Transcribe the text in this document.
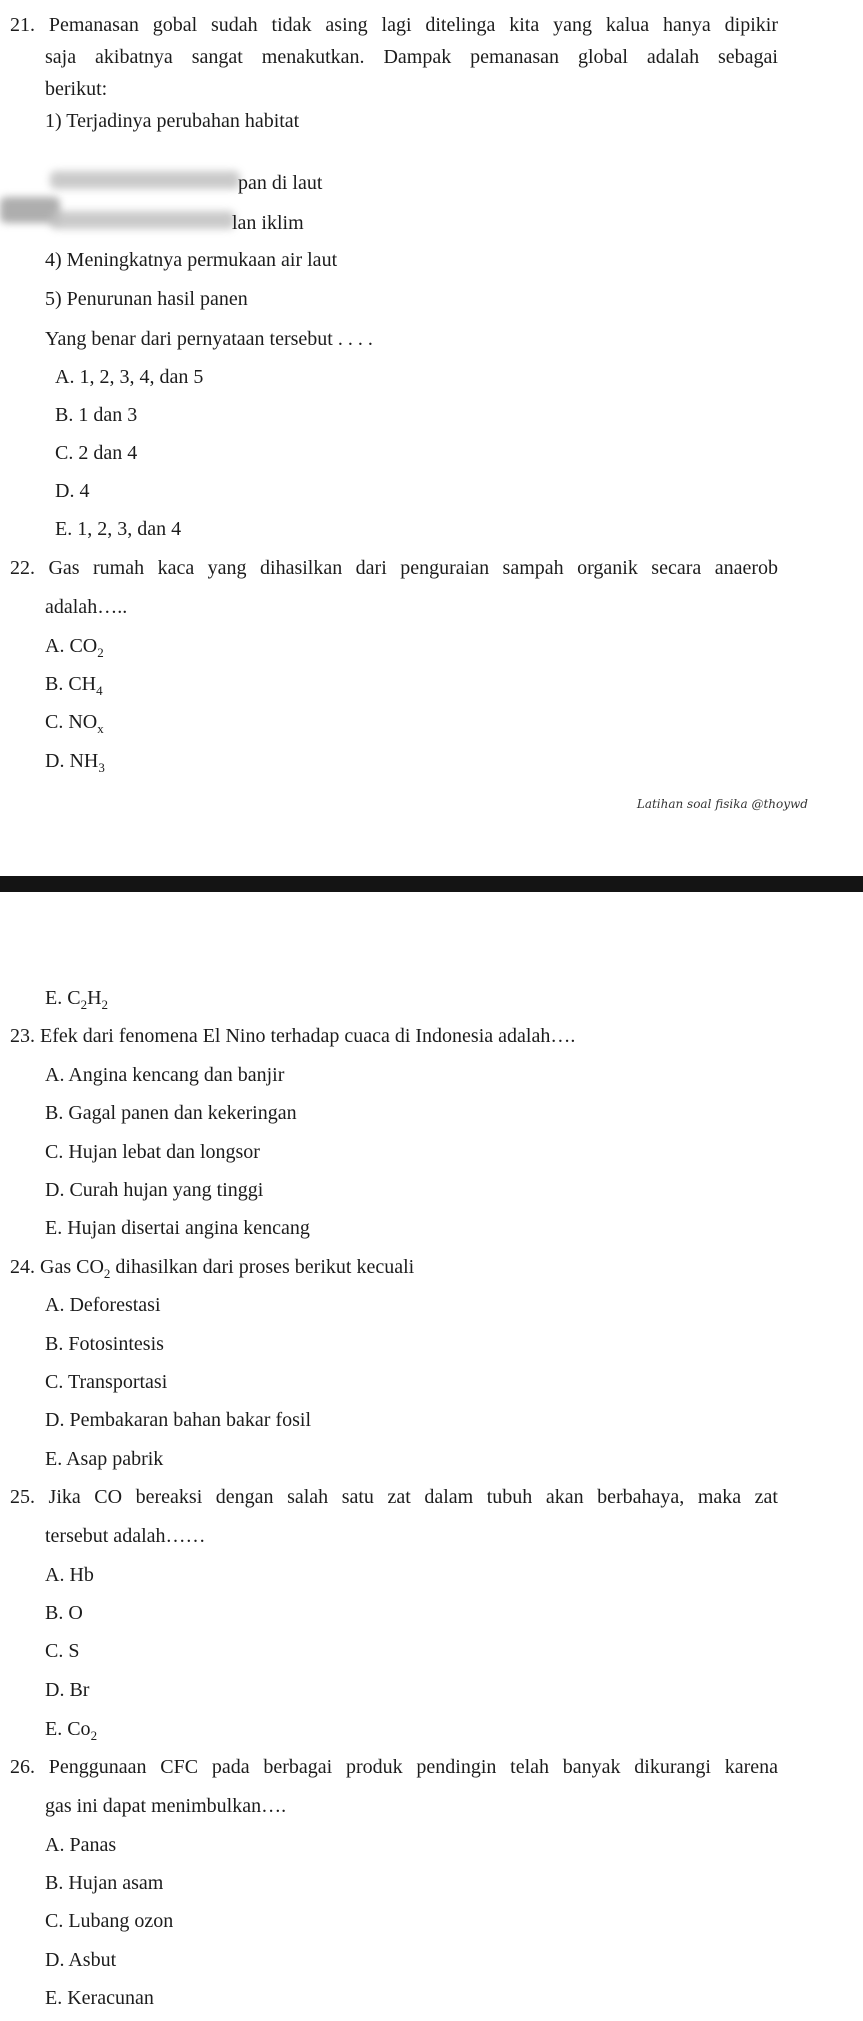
21. Pemanasan gobal sudah tidak asing lagi ditelinga kita yang kalua hanya dipikir
saja akibatnya sangat menakutkan. Dampak pemanasan global adalah sebagai
berikut:
1) Terjadinya perubahan habitat
pan di laut
lan iklim
4) Meningkatnya permukaan air laut
5) Penurunan hasil panen
Yang benar dari pernyataan tersebut . . . .
A. 1, 2, 3, 4, dan 5
B. 1 dan 3
C. 2 dan 4
D. 4
E. 1, 2, 3, dan 4
22. Gas rumah kaca yang dihasilkan dari penguraian sampah organik secara anaerob
adalah…..
A. $CO_2$
B. $CH_4$
C. $NO_x$
D. $NH_3$
Latihan soal fisika @thoywd
E. $C_2H_2$
23. Efek dari fenomena El Nino terhadap cuaca di Indonesia adalah….
A. Angina kencang dan banjir
B. Gagal panen dan kekeringan
C. Hujan lebat dan longsor
D. Curah hujan yang tinggi
E. Hujan disertai angina kencang
24. Gas $CO_2$ dihasilkan dari proses berikut kecuali
A. Deforestasi
B. Fotosintesis
C. Transportasi
D. Pembakaran bahan bakar fosil
E. Asap pabrik
25. Jika CO bereaksi dengan salah satu zat dalam tubuh akan berbahaya, maka zat
tersebut adalah……
A. Hb
B. O
C. S
D. Br
E. $Co_2$
26. Penggunaan CFC pada berbagai produk pendingin telah banyak dikurangi karena
gas ini dapat menimbulkan….
A. Panas
B. Hujan asam
C. Lubang ozon
D. Asbut
E. Keracunan
